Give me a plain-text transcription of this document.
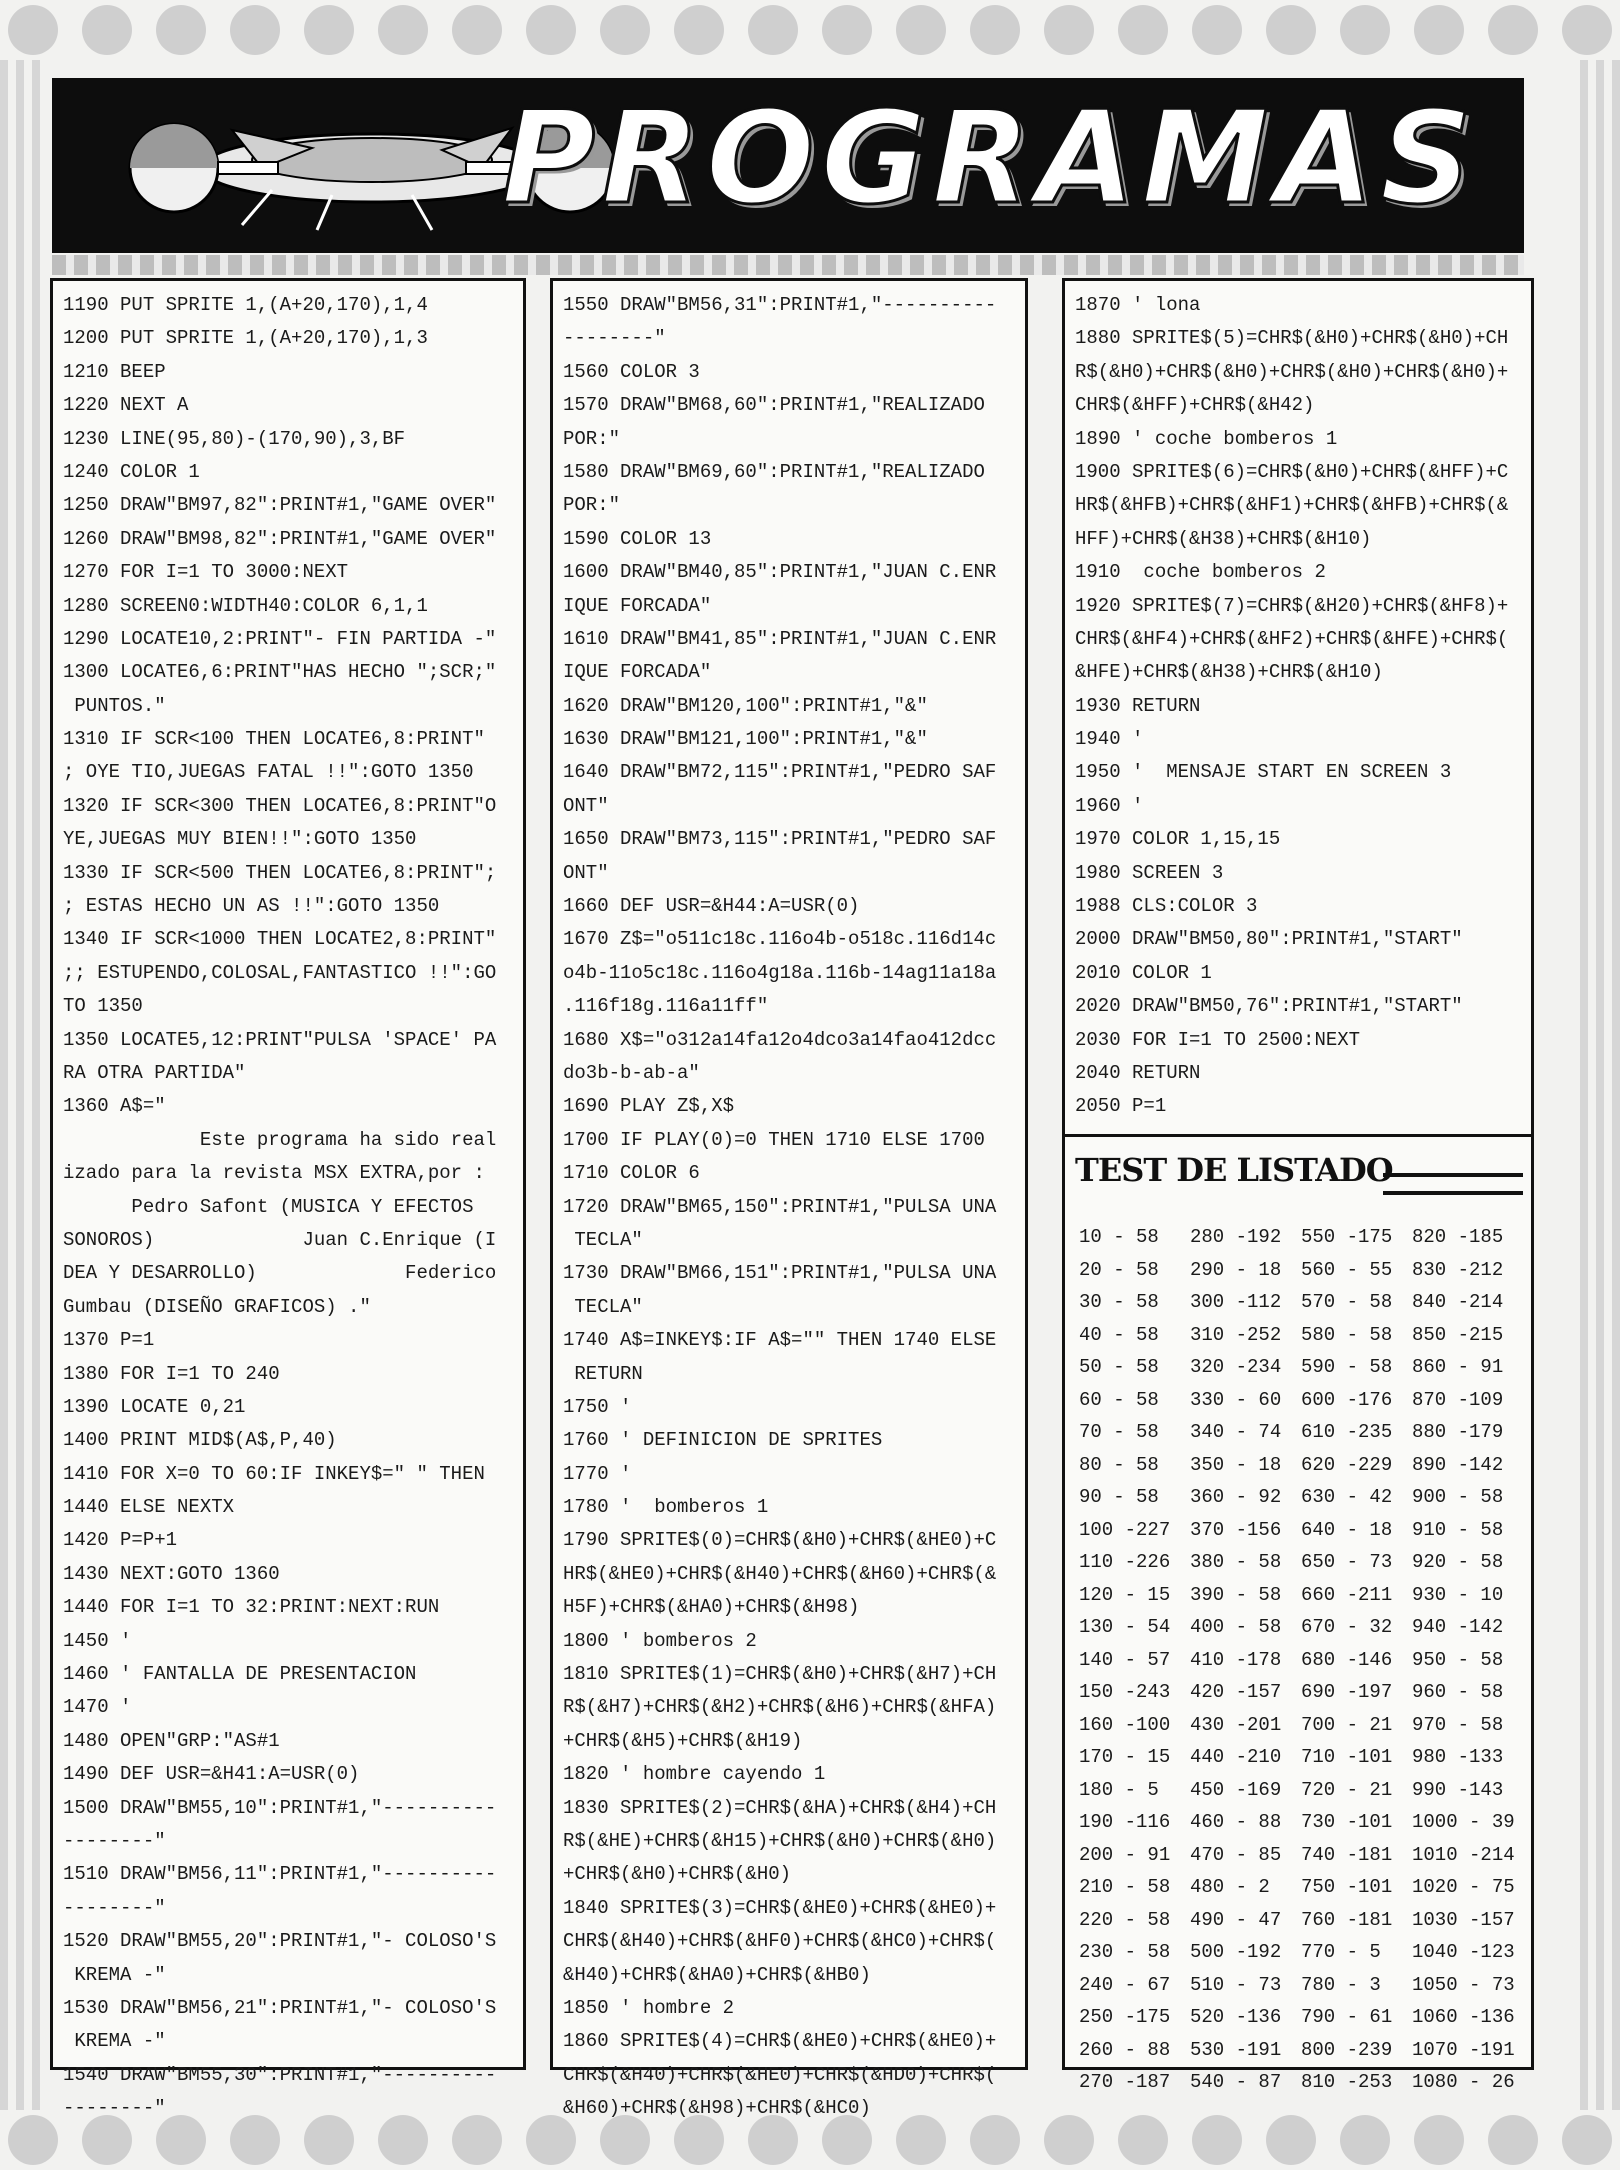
PROGRAMAS
1190 PUT SPRITE 1,(A+20,170),1,4
1200 PUT SPRITE 1,(A+20,170),1,3
1210 BEEP
1220 NEXT A
1230 LINE(95,80)-(170,90),3,BF
1240 COLOR 1
1250 DRAW"BM97,82":PRINT#1,"GAME OVER"
1260 DRAW"BM98,82":PRINT#1,"GAME OVER"
1270 FOR I=1 TO 3000:NEXT
1280 SCREEN0:WIDTH40:COLOR 6,1,1
1290 LOCATE10,2:PRINT"- FIN PARTIDA -"
1300 LOCATE6,6:PRINT"HAS HECHO ";SCR;"
PUNTOS."
1310 IF SCR<100 THEN LOCATE6,8:PRINT"
; OYE TIO,JUEGAS FATAL !!":GOTO 1350
1320 IF SCR<300 THEN LOCATE6,8:PRINT"O
YE,JUEGAS MUY BIEN!!":GOTO 1350
1330 IF SCR<500 THEN LOCATE6,8:PRINT";
; ESTAS HECHO UN AS !!":GOTO 1350
1340 IF SCR<1000 THEN LOCATE2,8:PRINT"
;; ESTUPENDO,COLOSAL,FANTASTICO !!":GO
TO 1350
1350 LOCATE5,12:PRINT"PULSA 'SPACE' PA
RA OTRA PARTIDA"
1360 A$="
Este programa ha sido real
izado para la revista MSX EXTRA,por :
Pedro Safont (MUSICA Y EFECTOS
SONOROS)             Juan C.Enrique (I
DEA Y DESARROLLO)             Federico
Gumbau (DISEÑO GRAFICOS) ."
1370 P=1
1380 FOR I=1 TO 240
1390 LOCATE 0,21
1400 PRINT MID$(A$,P,40)
1410 FOR X=0 TO 60:IF INKEY$=" " THEN
1440 ELSE NEXTX
1420 P=P+1
1430 NEXT:GOTO 1360
1440 FOR I=1 TO 32:PRINT:NEXT:RUN
1450 '
1460 ' FANTALLA DE PRESENTACION
1470 '
1480 OPEN"GRP:"AS#1
1490 DEF USR=&H41:A=USR(0)
1500 DRAW"BM55,10":PRINT#1,"----------
--------"
1510 DRAW"BM56,11":PRINT#1,"----------
--------"
1520 DRAW"BM55,20":PRINT#1,"- COLOSO'S
KREMA -"
1530 DRAW"BM56,21":PRINT#1,"- COLOSO'S
KREMA -"
1540 DRAW"BM55,30":PRINT#1,"----------
--------"
1550 DRAW"BM56,31":PRINT#1,"----------
--------"
1560 COLOR 3
1570 DRAW"BM68,60":PRINT#1,"REALIZADO
POR:"
1580 DRAW"BM69,60":PRINT#1,"REALIZADO
POR:"
1590 COLOR 13
1600 DRAW"BM40,85":PRINT#1,"JUAN C.ENR
IQUE FORCADA"
1610 DRAW"BM41,85":PRINT#1,"JUAN C.ENR
IQUE FORCADA"
1620 DRAW"BM120,100":PRINT#1,"&"
1630 DRAW"BM121,100":PRINT#1,"&"
1640 DRAW"BM72,115":PRINT#1,"PEDRO SAF
ONT"
1650 DRAW"BM73,115":PRINT#1,"PEDRO SAF
ONT"
1660 DEF USR=&H44:A=USR(0)
1670 Z$="o511c18c.116o4b-o518c.116d14c
o4b-11o5c18c.116o4g18a.116b-14ag11a18a
.116f18g.116a11ff"
1680 X$="o312a14fa12o4dco3a14fao412dcc
do3b-b-ab-a"
1690 PLAY Z$,X$
1700 IF PLAY(0)=0 THEN 1710 ELSE 1700
1710 COLOR 6
1720 DRAW"BM65,150":PRINT#1,"PULSA UNA
TECLA"
1730 DRAW"BM66,151":PRINT#1,"PULSA UNA
TECLA"
1740 A$=INKEY$:IF A$="" THEN 1740 ELSE
RETURN
1750 '
1760 ' DEFINICION DE SPRITES
1770 '
1780 '  bomberos 1
1790 SPRITE$(0)=CHR$(&H0)+CHR$(&HE0)+C
HR$(&HE0)+CHR$(&H40)+CHR$(&H60)+CHR$(&
H5F)+CHR$(&HA0)+CHR$(&H98)
1800 ' bomberos 2
1810 SPRITE$(1)=CHR$(&H0)+CHR$(&H7)+CH
R$(&H7)+CHR$(&H2)+CHR$(&H6)+CHR$(&HFA)
+CHR$(&H5)+CHR$(&H19)
1820 ' hombre cayendo 1
1830 SPRITE$(2)=CHR$(&HA)+CHR$(&H4)+CH
R$(&HE)+CHR$(&H15)+CHR$(&H0)+CHR$(&H0)
+CHR$(&H0)+CHR$(&H0)
1840 SPRITE$(3)=CHR$(&HE0)+CHR$(&HE0)+
CHR$(&H40)+CHR$(&HF0)+CHR$(&HC0)+CHR$(
&H40)+CHR$(&HA0)+CHR$(&HB0)
1850 ' hombre 2
1860 SPRITE$(4)=CHR$(&HE0)+CHR$(&HE0)+
CHR$(&H40)+CHR$(&HE0)+CHR$(&HD0)+CHR$(
&H60)+CHR$(&H98)+CHR$(&HC0)
1870 ' lona
1880 SPRITE$(5)=CHR$(&H0)+CHR$(&H0)+CH
R$(&H0)+CHR$(&H0)+CHR$(&H0)+CHR$(&H0)+
CHR$(&HFF)+CHR$(&H42)
1890 ' coche bomberos 1
1900 SPRITE$(6)=CHR$(&H0)+CHR$(&HFF)+C
HR$(&HFB)+CHR$(&HF1)+CHR$(&HFB)+CHR$(&
HFF)+CHR$(&H38)+CHR$(&H10)
1910  coche bomberos 2
1920 SPRITE$(7)=CHR$(&H20)+CHR$(&HF8)+
CHR$(&HF4)+CHR$(&HF2)+CHR$(&HFE)+CHR$(
&HFE)+CHR$(&H38)+CHR$(&H10)
1930 RETURN
1940 '
1950 '  MENSAJE START EN SCREEN 3
1960 '
1970 COLOR 1,15,15
1980 SCREEN 3
1988 CLS:COLOR 3
2000 DRAW"BM50,80":PRINT#1,"START"
2010 COLOR 1
2020 DRAW"BM50,76":PRINT#1,"START"
2030 FOR I=1 TO 2500:NEXT
2040 RETURN
2050 P=1
TEST DE LISTADO
10 - 58	280 -192	550 -175	820 -185
20 - 58	290 - 18	560 - 55	830 -212
30 - 58	300 -112	570 - 58	840 -214
40 - 58	310 -252	580 - 58	850 -215
50 - 58	320 -234	590 - 58	860 - 91
60 - 58	330 - 60	600 -176	870 -109
70 - 58	340 - 74	610 -235	880 -179
80 - 58	350 - 18	620 -229	890 -142
90 - 58	360 - 92	630 - 42	900 - 58
100 -227	370 -156	640 - 18	910 - 58
110 -226	380 - 58	650 - 73	920 - 58
120 - 15	390 - 58	660 -211	930 - 10
130 - 54	400 - 58	670 - 32	940 -142
140 - 57	410 -178	680 -146	950 - 58
150 -243	420 -157	690 -197	960 - 58
160 -100	430 -201	700 - 21	970 - 58
170 - 15	440 -210	710 -101	980 -133
180 - 5	450 -169	720 - 21	990 -143
190 -116	460 - 88	730 -101	1000 - 39
200 - 91	470 - 85	740 -181	1010 -214
210 - 58	480 - 2	750 -101	1020 - 75
220 - 58	490 - 47	760 -181	1030 -157
230 - 58	500 -192	770 - 5	1040 -123
240 - 67	510 - 73	780 - 3	1050 - 73
250 -175	520 -136	790 - 61	1060 -136
260 - 88	530 -191	800 -239	1070 -191
270 -187	540 - 87	810 -253	1080 - 26
